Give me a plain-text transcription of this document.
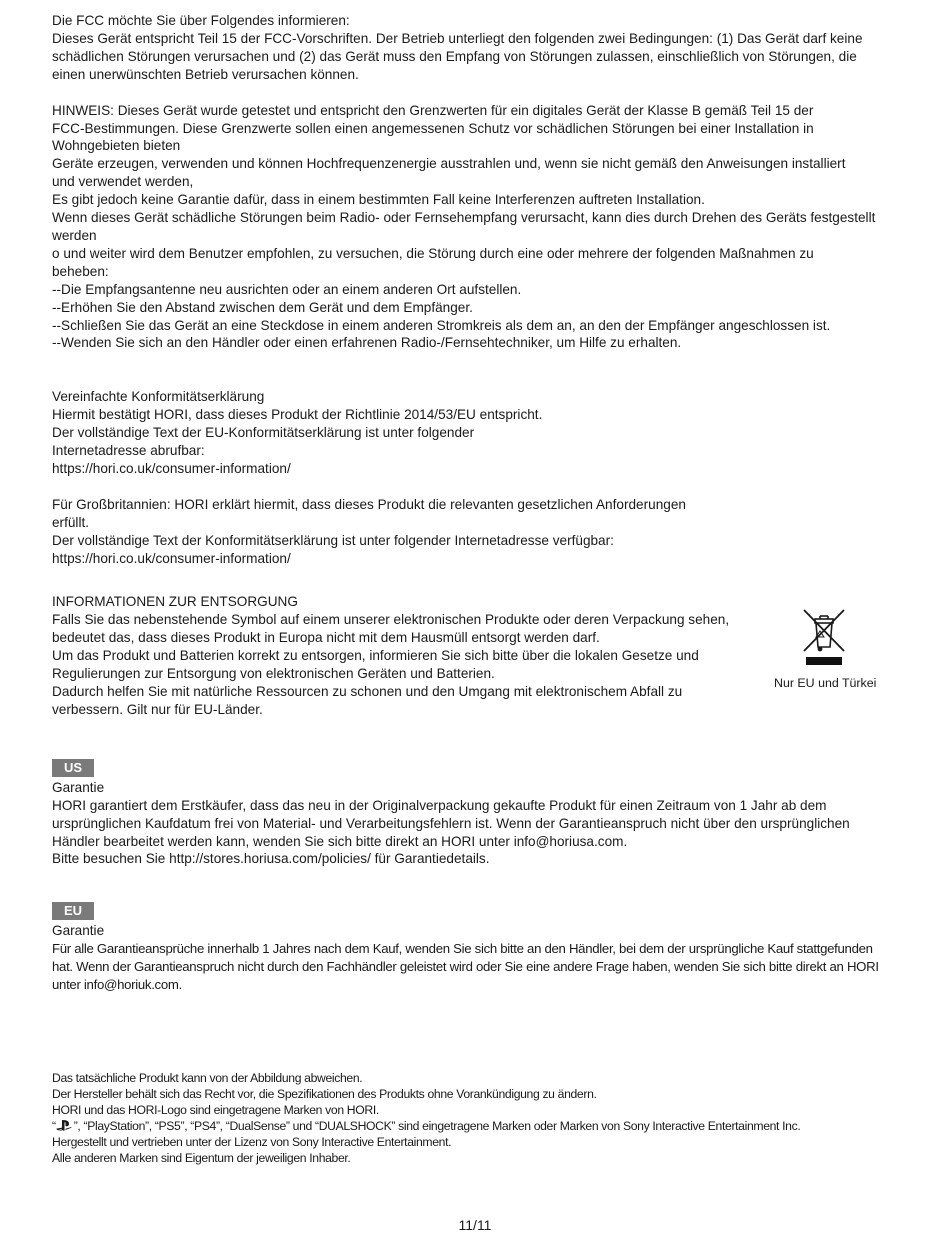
Die FCC möchte Sie über Folgendes informieren:

Dieses Gerät entspricht Teil 15 der FCC-Vorschriften. Der Betrieb unterliegt den folgenden zwei Bedingungen: (1) Das Gerät darf keine

schädlichen Störungen verursachen und (2) das Gerät muss den Empfang von Störungen zulassen, einschließlich von Störungen, die

einen unerwünschten Betrieb verursachen können.

HINWEIS: Dieses Gerät wurde getestet und entspricht den Grenzwerten für ein digitales Gerät der Klasse B gemäß Teil 15 der

FCC-Bestimmungen. Diese Grenzwerte sollen einen angemessenen Schutz vor schädlichen Störungen bei einer Installation in

Wohngebieten bieten

Geräte erzeugen, verwenden und können Hochfrequenzenergie ausstrahlen und, wenn sie nicht gemäß den Anweisungen installiert

und verwendet werden,

Es gibt jedoch keine Garantie dafür, dass in einem bestimmten Fall keine Interferenzen auftreten Installation.

Wenn dieses Gerät schädliche Störungen beim Radio- oder Fernsehempfang verursacht, kann dies durch Drehen des Geräts festgestellt

werden

o und weiter wird dem Benutzer empfohlen, zu versuchen, die Störung durch eine oder mehrere der folgenden Maßnahmen zu

beheben:

--Die Empfangsantenne neu ausrichten oder an einem anderen Ort aufstellen.

--Erhöhen Sie den Abstand zwischen dem Gerät und dem Empfänger.

--Schließen Sie das Gerät an eine Steckdose in einem anderen Stromkreis als dem an, an den der Empfänger angeschlossen ist.

--Wenden Sie sich an den Händler oder einen erfahrenen Radio-/Fernsehtechniker, um Hilfe zu erhalten.

Vereinfachte Konformitätserklärung

Hiermit bestätigt HORI, dass dieses Produkt der Richtlinie 2014/53/EU entspricht.

Der vollständige Text der EU-Konformitätserklärung ist unter folgender

Internetadresse abrufbar:

https://hori.co.uk/consumer-information/

Für Großbritannien: HORI erklärt hiermit, dass dieses Produkt die relevanten gesetzlichen Anforderungen

erfüllt.

Der vollständige Text der Konformitätserklärung ist unter folgender Internetadresse verfügbar:

https://hori.co.uk/consumer-information/

INFORMATIONEN ZUR ENTSORGUNG

Falls Sie das nebenstehende Symbol auf einem unserer elektronischen Produkte oder deren Verpackung sehen,

bedeutet das, dass dieses Produkt in Europa nicht mit dem Hausmüll entsorgt werden darf.

Um das Produkt und Batterien korrekt zu entsorgen, informieren Sie sich bitte über die lokalen Gesetze und

Regulierungen zur Entsorgung von elektronischen Geräten und Batterien.

Dadurch helfen Sie mit natürliche Ressourcen zu schonen und den Umgang mit elektronischem Abfall zu

verbessern. Gilt nur für EU-Länder.

Nur EU und Türkei
US

Garantie

HORI garantiert dem Erstkäufer, dass das neu in der Originalverpackung gekaufte Produkt für einen Zeitraum von 1 Jahr ab dem

ursprünglichen Kaufdatum frei von Material- und Verarbeitungsfehlern ist. Wenn der Garantieanspruch nicht über den ursprünglichen

Händler bearbeitet werden kann, wenden Sie sich bitte direkt an HORI unter info@horiusa.com.

Bitte besuchen Sie http://stores.horiusa.com/policies/ für Garantiedetails.

EU

Garantie

Für alle Garantieansprüche innerhalb 1 Jahres nach dem Kauf, wenden Sie sich bitte an den Händler, bei dem der ursprüngliche Kauf stattgefunden

hat. Wenn der Garantieanspruch nicht durch den Fachhändler geleistet wird oder Sie eine andere Frage haben, wenden Sie sich bitte direkt an HORI

unter info@horiuk.com.

Das tatsächliche Produkt kann von der Abbildung abweichen.

Der Hersteller behält sich das Recht vor, die Spezifikationen des Produkts ohne Vorankündigung zu ändern.

HORI und das HORI-Logo sind eingetragene Marken von HORI.

“ ”, “PlayStation”, “PS5”, “PS4”, “DualSense” und “DUALSHOCK” sind eingetragene Marken oder Marken von Sony Interactive Entertainment Inc.

Hergestellt und vertrieben unter der Lizenz von Sony Interactive Entertainment.

Alle anderen Marken sind Eigentum der jeweiligen Inhaber.

11/11
